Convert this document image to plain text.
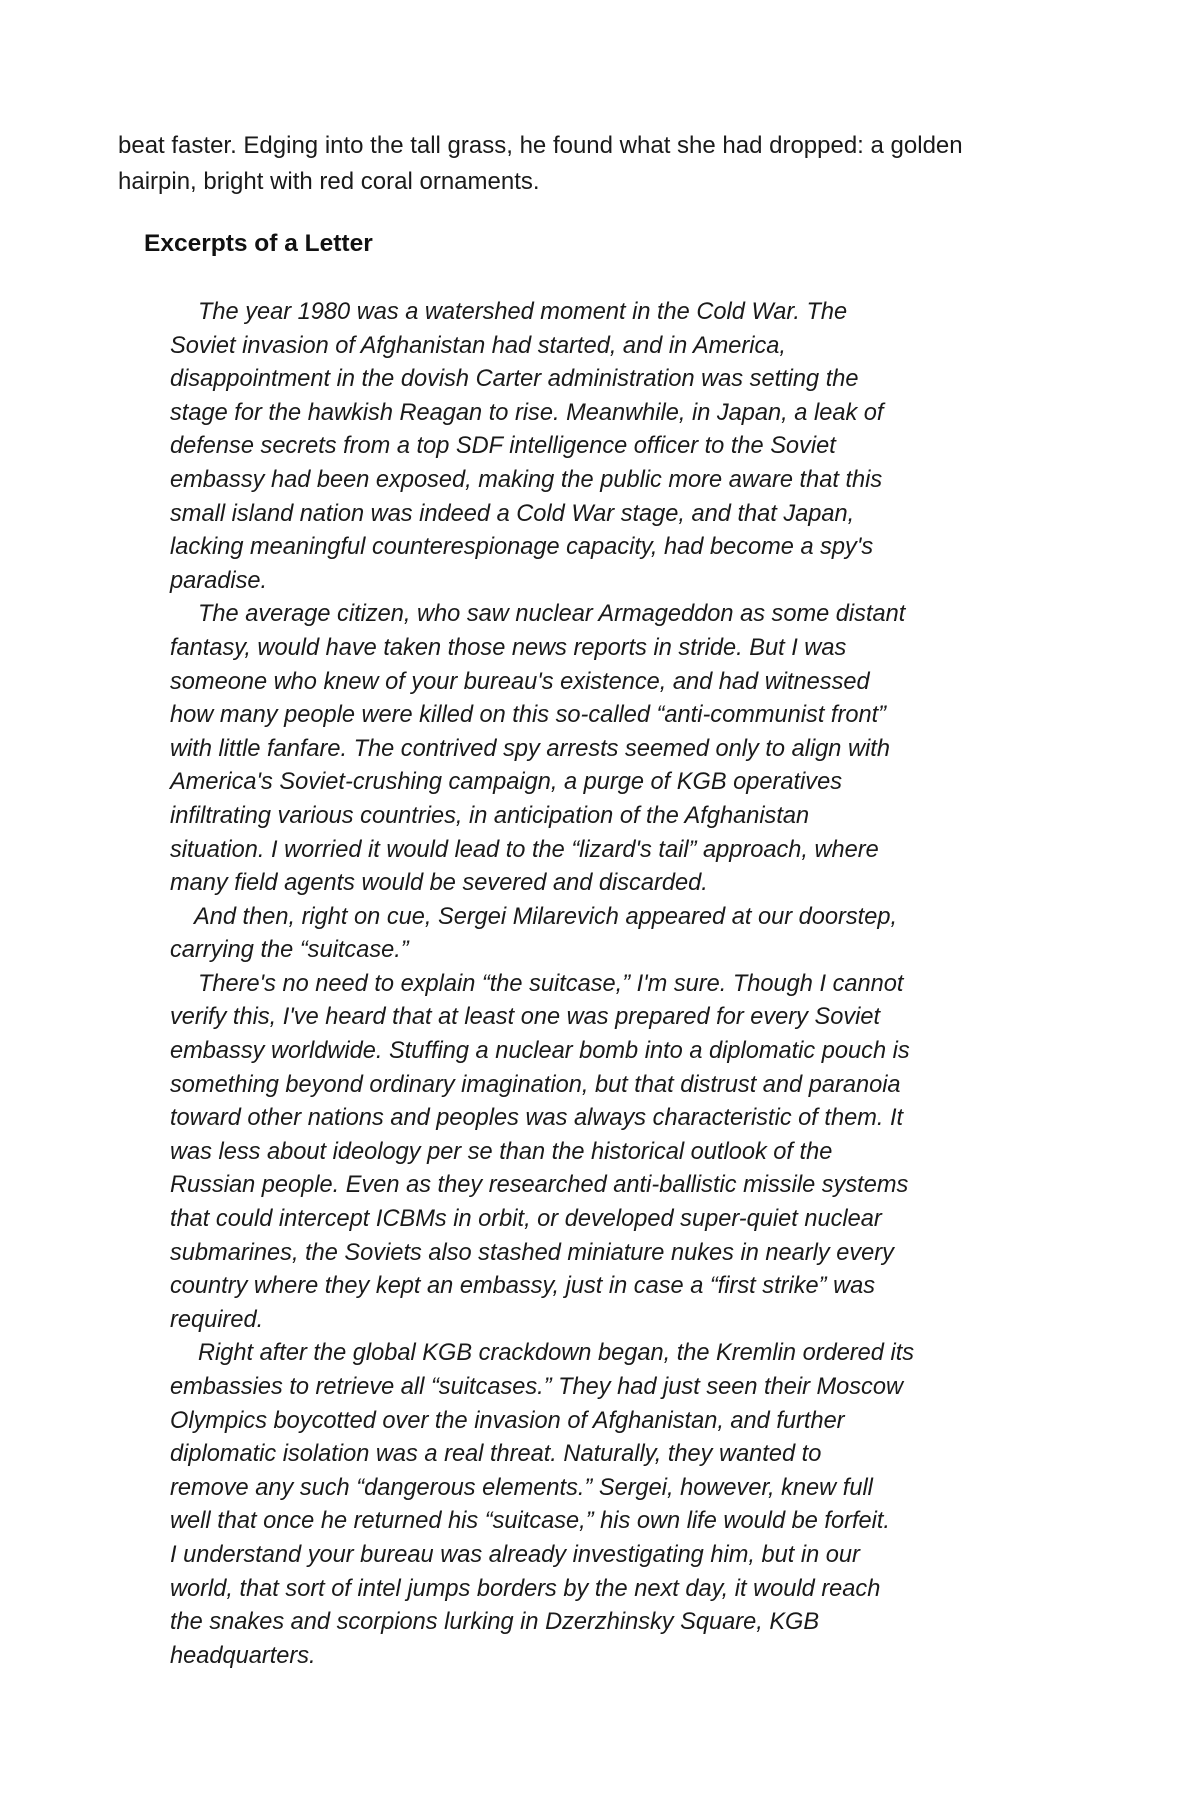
beat faster. Edging into the tall grass, he found what she had dropped: a golden
hairpin, bright with red coral ornaments.

Excerpts of a Letter

The year 1980 was a watershed moment in the Cold War. The
Soviet invasion of Afghanistan had started, and in America,
disappointment in the dovish Carter administration was setting the
stage for the hawkish Reagan to rise. Meanwhile, in Japan, a leak of
defense secrets from a top SDF intelligence officer to the Soviet
embassy had been exposed, making the public more aware that this
small island nation was indeed a Cold War stage, and that Japan,
lacking meaningful counterespionage capacity, had become a spy's
paradise.

The average citizen, who saw nuclear Armageddon as some distant
fantasy, would have taken those news reports in stride. But I was
someone who knew of your bureau's existence, and had witnessed
how many people were killed on this so-called “anti-communist front”
with little fanfare. The contrived spy arrests seemed only to align with
America's Soviet-crushing campaign, a purge of KGB operatives
infiltrating various countries, in anticipation of the Afghanistan
situation. I worried it would lead to the “lizard's tail” approach, where
many field agents would be severed and discarded.

And then, right on cue, Sergei Milarevich appeared at our doorstep,
carrying the “suitcase.”

There's no need to explain “the suitcase,” I'm sure. Though I cannot
verify this, I've heard that at least one was prepared for every Soviet
embassy worldwide. Stuffing a nuclear bomb into a diplomatic pouch is
something beyond ordinary imagination, but that distrust and paranoia
toward other nations and peoples was always characteristic of them. It
was less about ideology per se than the historical outlook of the
Russian people. Even as they researched anti-ballistic missile systems
that could intercept ICBMs in orbit, or developed super-quiet nuclear
submarines, the Soviets also stashed miniature nukes in nearly every
country where they kept an embassy, just in case a “first strike” was
required.

Right after the global KGB crackdown began, the Kremlin ordered its
embassies to retrieve all “suitcases.” They had just seen their Moscow
Olympics boycotted over the invasion of Afghanistan, and further
diplomatic isolation was a real threat. Naturally, they wanted to
remove any such “dangerous elements.” Sergei, however, knew full
well that once he returned his “suitcase,” his own life would be forfeit.
I understand your bureau was already investigating him, but in our
world, that sort of intel jumps borders by the next day, it would reach
the snakes and scorpions lurking in Dzerzhinsky Square, KGB
headquarters.
